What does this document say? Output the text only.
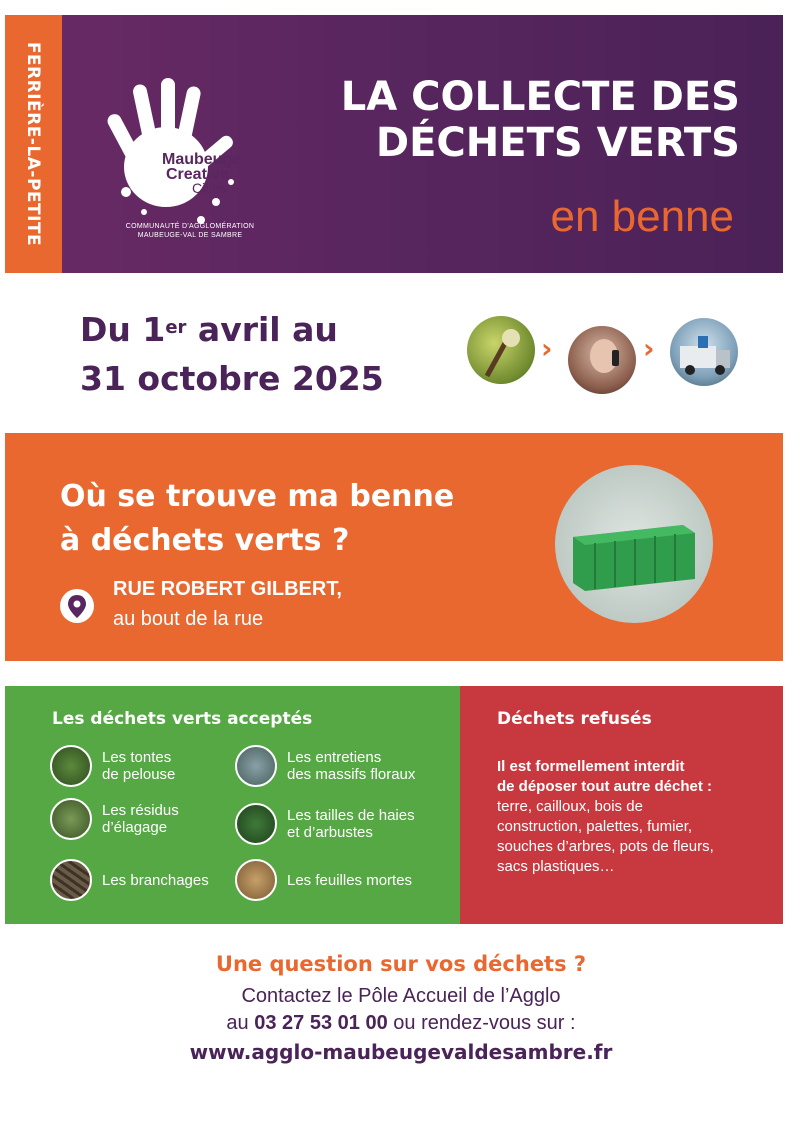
FERRIÈRE-LA-PETITE	Maubeuge
Creative
Cities
COMMUNAUTÉ D'AGGLOMÉRATION
MAUBEUGE-VAL DE SAMBRE
LA COLLECTE DES
DÉCHETS VERTS
en benne
Du 1er avril au
31 octobre 2025
›	›
Où se trouve ma benne
à déchets verts ?
RUE ROBERT GILBERT,
au bout de la rue
Les déchets verts acceptés	Déchets refusés
Les tontes
de pelouse
Les entretiens
des massifs floraux
Les résidus
d’élagage
Les tailles de haies
et d’arbustes
Les branchages	Les feuilles mortes
Il est formellement interdit
de déposer tout autre déchet :
terre, cailloux, bois de
construction, palettes, fumier,
souches d’arbres, pots de fleurs,
sacs plastiques…
Une question sur vos déchets ?
Contactez le Pôle Accueil de l’Agglo
au 03 27 53 01 00 ou rendez-vous sur :
www.agglo-maubeugevaldesambre.fr
